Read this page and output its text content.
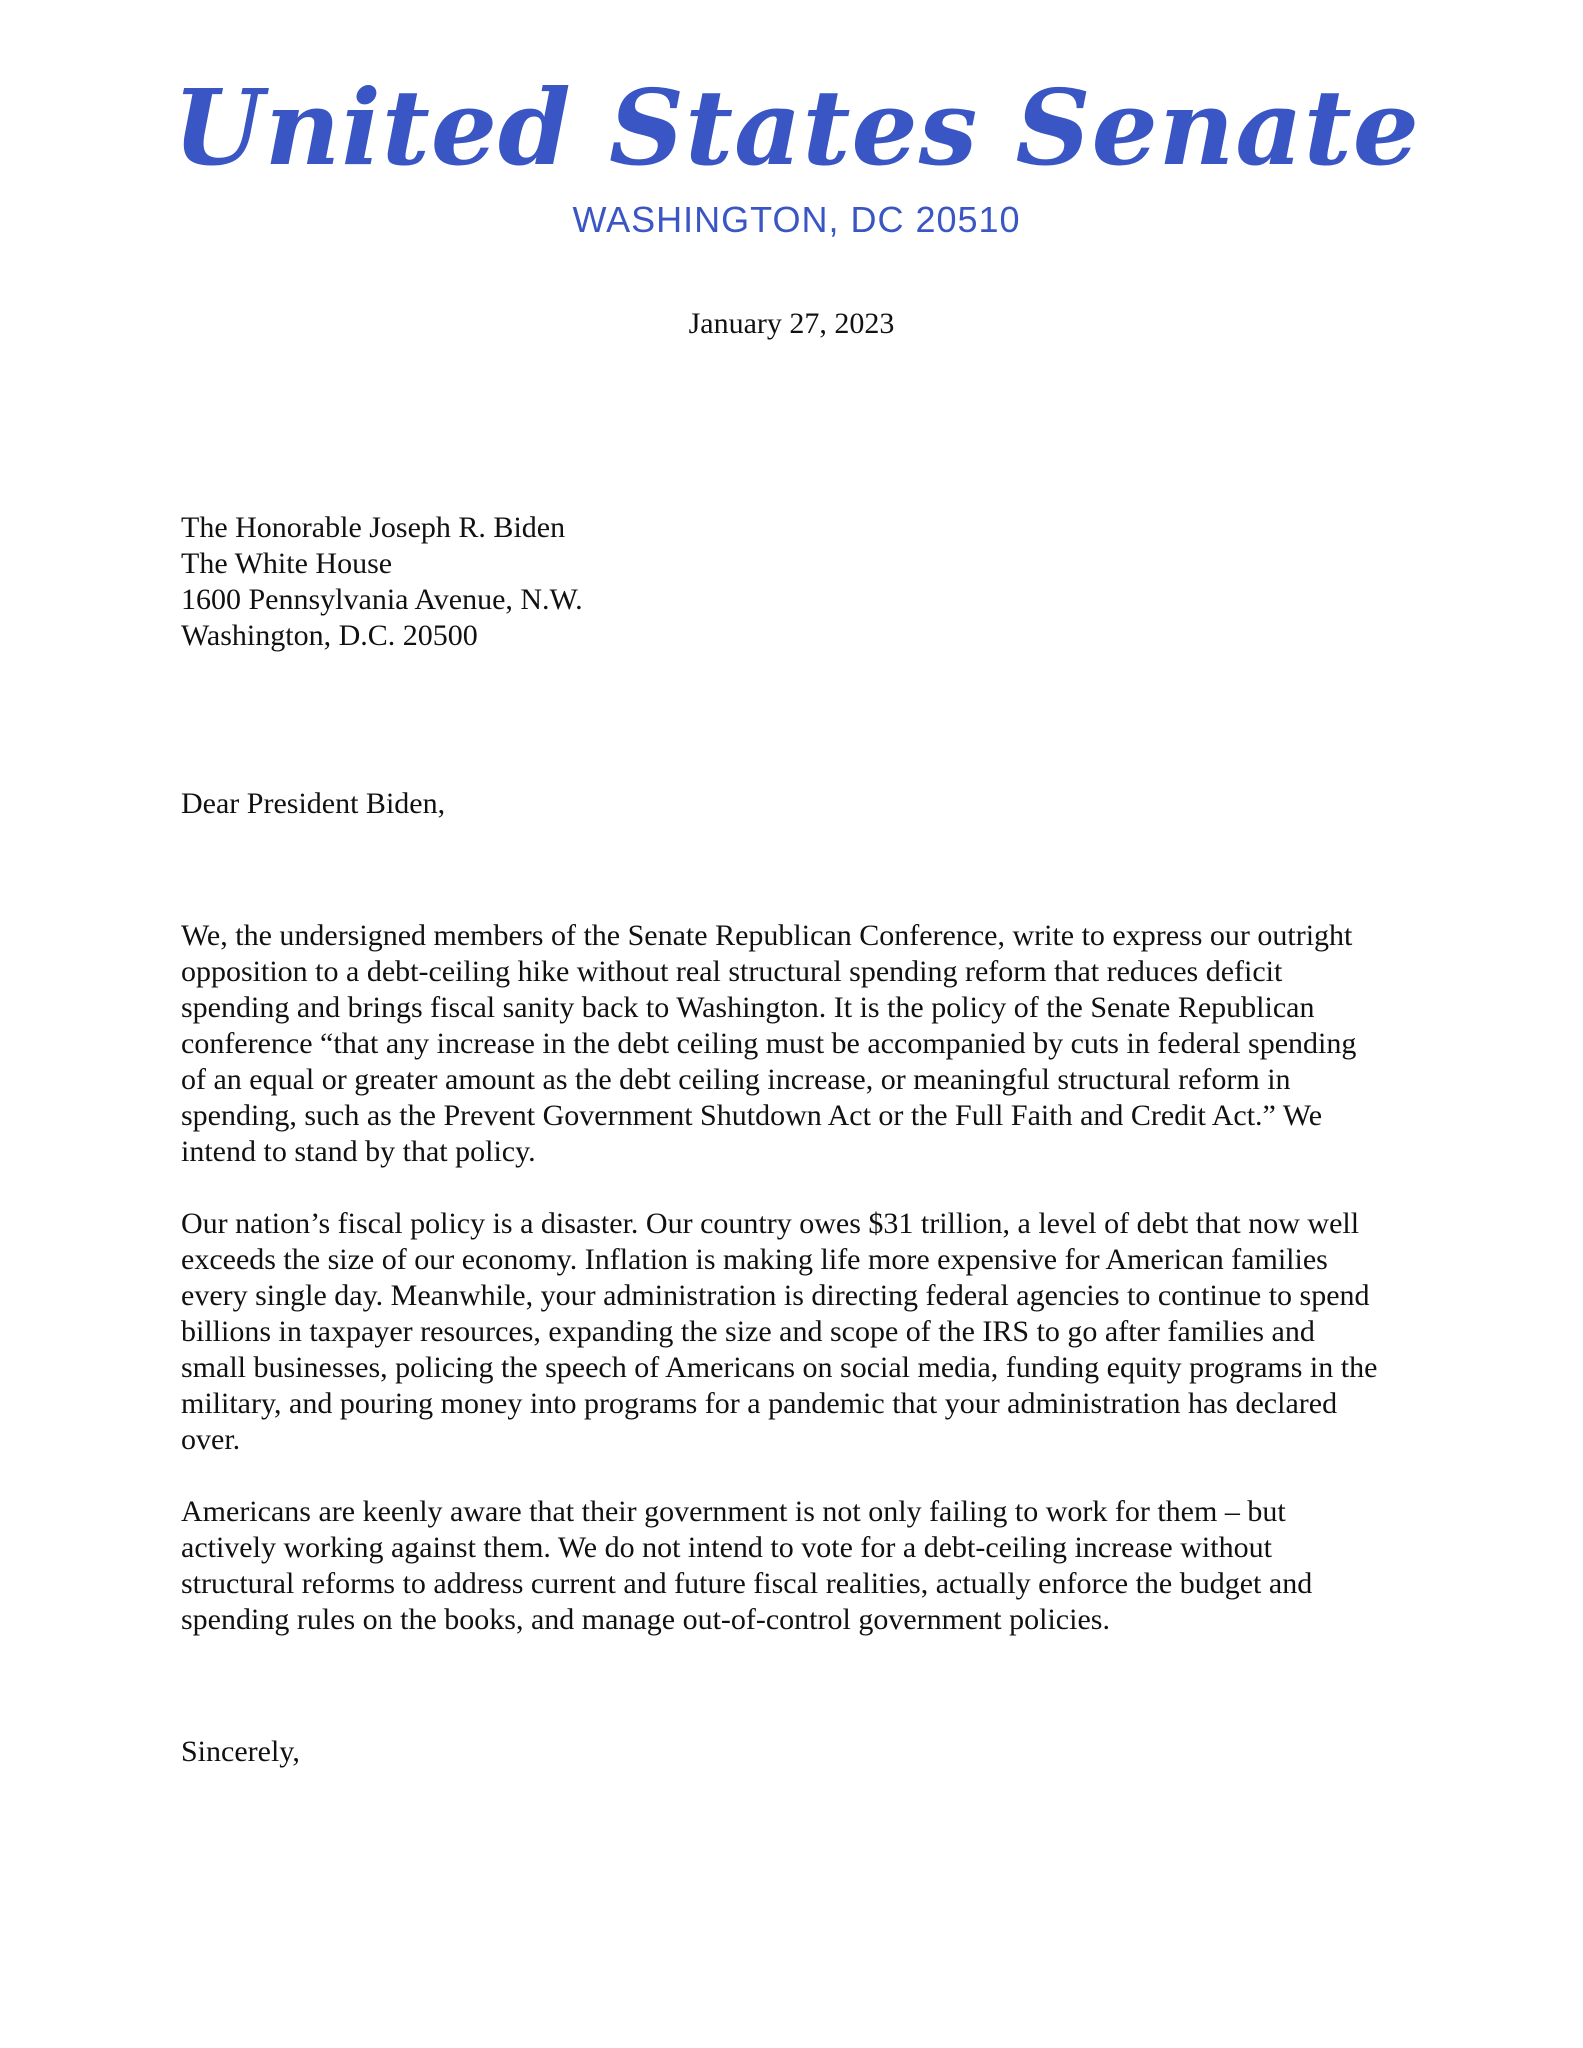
United States Senate
WASHINGTON, DC 20510
January 27, 2023
The Honorable Joseph R. Biden
The White House
1600 Pennsylvania Avenue, N.W.
Washington, D.C. 20500
Dear President Biden,

We, the undersigned members of the Senate Republican Conference, write to express our outright opposition to a debt-ceiling hike without real structural spending reform that reduces deficit spending and brings fiscal sanity back to Washington. It is the policy of the Senate Republican conference “that any increase in the debt ceiling must be accompanied by cuts in federal spending of an equal or greater amount as the debt ceiling increase, or meaningful structural reform in spending, such as the Prevent Government Shutdown Act or the Full Faith and Credit Act.” We intend to stand by that policy.

Our nation’s fiscal policy is a disaster. Our country owes $31 trillion, a level of debt that now well exceeds the size of our economy. Inflation is making life more expensive for American families every single day. Meanwhile, your administration is directing federal agencies to continue to spend billions in taxpayer resources, expanding the size and scope of the IRS to go after families and small businesses, policing the speech of Americans on social media, funding equity programs in the military, and pouring money into programs for a pandemic that your administration has declared over.

Americans are keenly aware that their government is not only failing to work for them – but actively working against them. We do not intend to vote for a debt-ceiling increase without structural reforms to address current and future fiscal realities, actually enforce the budget and spending rules on the books, and manage out-of-control government policies.

Sincerely,
